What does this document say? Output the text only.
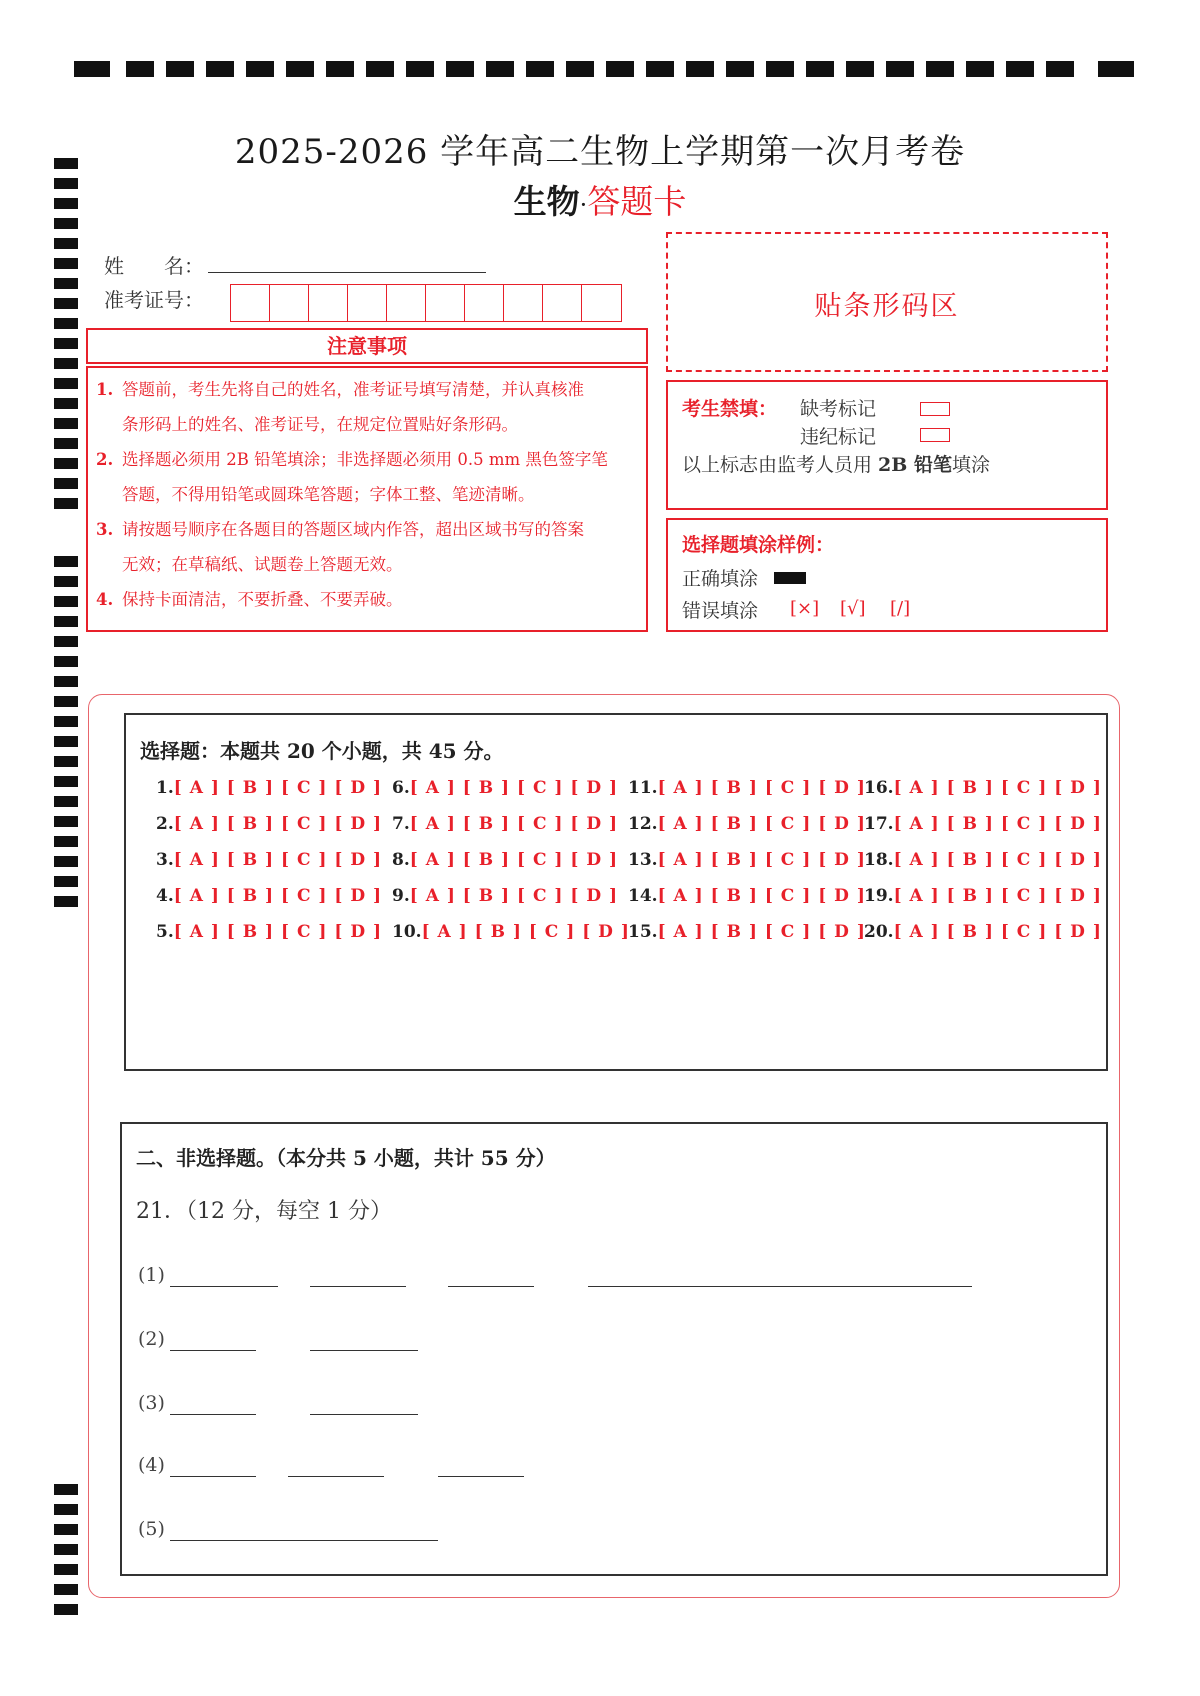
2025-2026 学年高二生物上学期第一次月考卷
生物·答题卡
姓　　名：
准考证号：
注意事项
1. 答题前，考生先将自己的姓名，准考证号填写清楚，并认真核准
条形码上的姓名、准考证号，在规定位置贴好条形码。
2. 选择题必须用 2B 铅笔填涂；非选择题必须用 0.5 mm 黑色签字笔
答题，不得用铅笔或圆珠笔答题；字体工整、笔迹清晰。
3. 请按题号顺序在各题目的答题区域内作答，超出区域书写的答案
无效；在草稿纸、试题卷上答题无效。
4. 保持卡面清洁，不要折叠、不要弄破。
贴条形码区
考生禁填： 缺考标记
违纪标记
以上标志由监考人员用 2B 铅笔填涂
选择题填涂样例：
正确填涂
错误填涂 [×] [√] [/]
选择题：本题共 20 个小题，共 45 分。
1.[ A ] [ B ] [ C ] [ D ]
2.[ A ] [ B ] [ C ] [ D ]
3.[ A ] [ B ] [ C ] [ D ]
4.[ A ] [ B ] [ C ] [ D ]
5.[ A ] [ B ] [ C ] [ D ]
6.[ A ] [ B ] [ C ] [ D ]
7.[ A ] [ B ] [ C ] [ D ]
8.[ A ] [ B ] [ C ] [ D ]
9.[ A ] [ B ] [ C ] [ D ]
10.[ A ] [ B ] [ C ] [ D ]
11.[ A ] [ B ] [ C ] [ D ]
12.[ A ] [ B ] [ C ] [ D ]
13.[ A ] [ B ] [ C ] [ D ]
14.[ A ] [ B ] [ C ] [ D ]
15.[ A ] [ B ] [ C ] [ D ]
16.[ A ] [ B ] [ C ] [ D ]
17.[ A ] [ B ] [ C ] [ D ]
18.[ A ] [ B ] [ C ] [ D ]
19.[ A ] [ B ] [ C ] [ D ]
20.[ A ] [ B ] [ C ] [ D ]
二、非选择题。（本分共 5 小题，共计 55 分）
21．（12 分，每空 1 分）
(1)
(2)
(3)
(4)
(5)
